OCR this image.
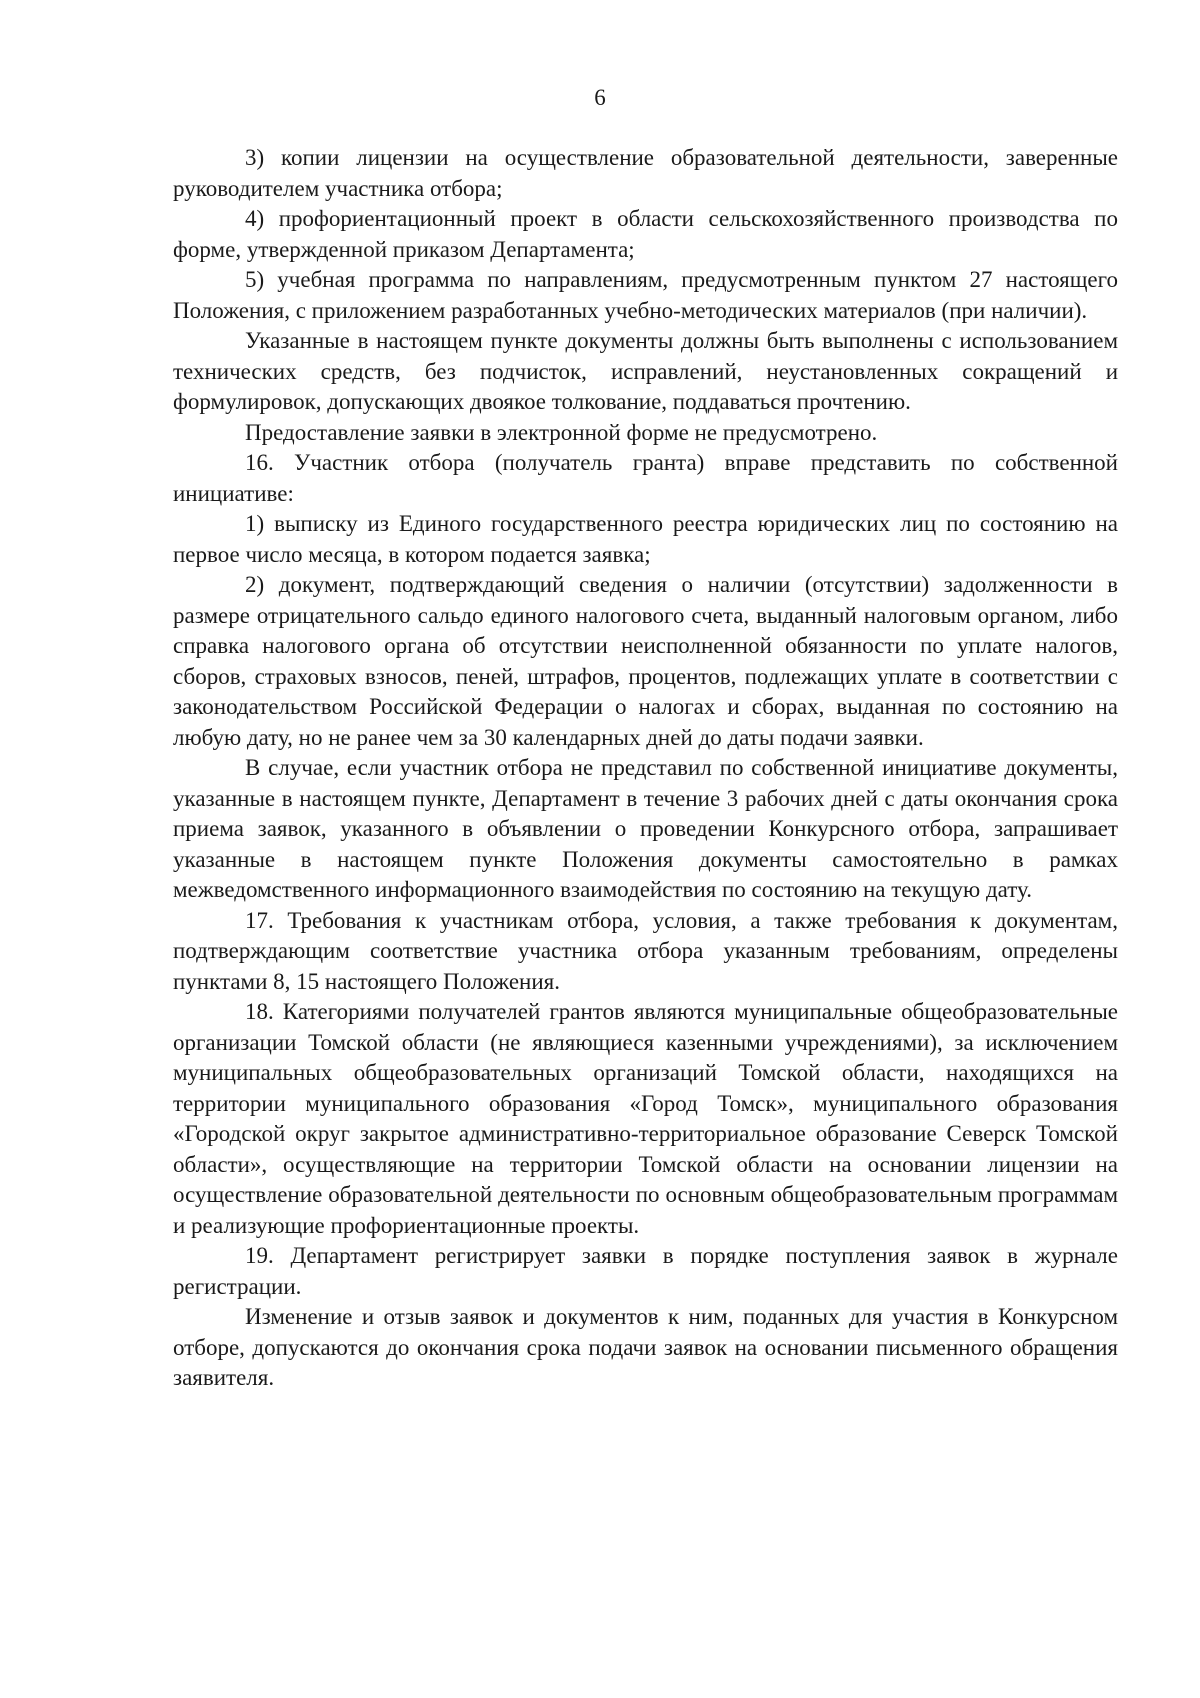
6

3) копии лицензии на осуществление образовательной деятельности, заверенные руководителем участника отбора;

4) профориентационный проект в области сельскохозяйственного производства по форме, утвержденной приказом Департамента;

5) учебная программа по направлениям, предусмотренным пунктом 27 настоящего Положения, с приложением разработанных учебно-методических материалов (при наличии).

Указанные в настоящем пункте документы должны быть выполнены с использованием технических средств, без подчисток, исправлений, неустановленных сокращений и формулировок, допускающих двоякое толкование, поддаваться прочтению.

Предоставление заявки в электронной форме не предусмотрено.

16. Участник отбора (получатель гранта) вправе представить по собственной инициативе:

1) выписку из Единого государственного реестра юридических лиц по состоянию на первое число месяца, в котором подается заявка;

2) документ, подтверждающий сведения о наличии (отсутствии) задолженности в размере отрицательного сальдо единого налогового счета, выданный налоговым органом, либо справка налогового органа об отсутствии неисполненной обязанности по уплате налогов, сборов, страховых взносов, пеней, штрафов, процентов, подлежащих уплате в соответствии с законодательством Российской Федерации о налогах и сборах, выданная по состоянию на любую дату, но не ранее чем за 30 календарных дней до даты подачи заявки.

В случае, если участник отбора не представил по собственной инициативе документы, указанные в настоящем пункте, Департамент в течение 3 рабочих дней с даты окончания срока приема заявок, указанного в объявлении о проведении Конкурсного отбора, запрашивает указанные в настоящем пункте Положения документы самостоятельно в рамках межведомственного информационного взаимодействия по состоянию на текущую дату.

17. Требования к участникам отбора, условия, а также требования к документам, подтверждающим соответствие участника отбора указанным требованиям, определены пунктами 8, 15 настоящего Положения.

18. Категориями получателей грантов являются муниципальные общеобразовательные организации Томской области (не являющиеся казенными учреждениями), за исключением муниципальных общеобразовательных организаций Томской области, находящихся на территории муниципального образования «Город Томск», муниципального образования «Городской округ закрытое административно-территориальное образование Северск Томской области», осуществляющие на территории Томской области на основании лицензии на осуществление образовательной деятельности по основным общеобразовательным программам и реализующие профориентационные проекты.

19. Департамент регистрирует заявки в порядке поступления заявок в журнале регистрации.

Изменение и отзыв заявок и документов к ним, поданных для участия в Конкурсном отборе, допускаются до окончания срока подачи заявок на основании письменного обращения заявителя.
